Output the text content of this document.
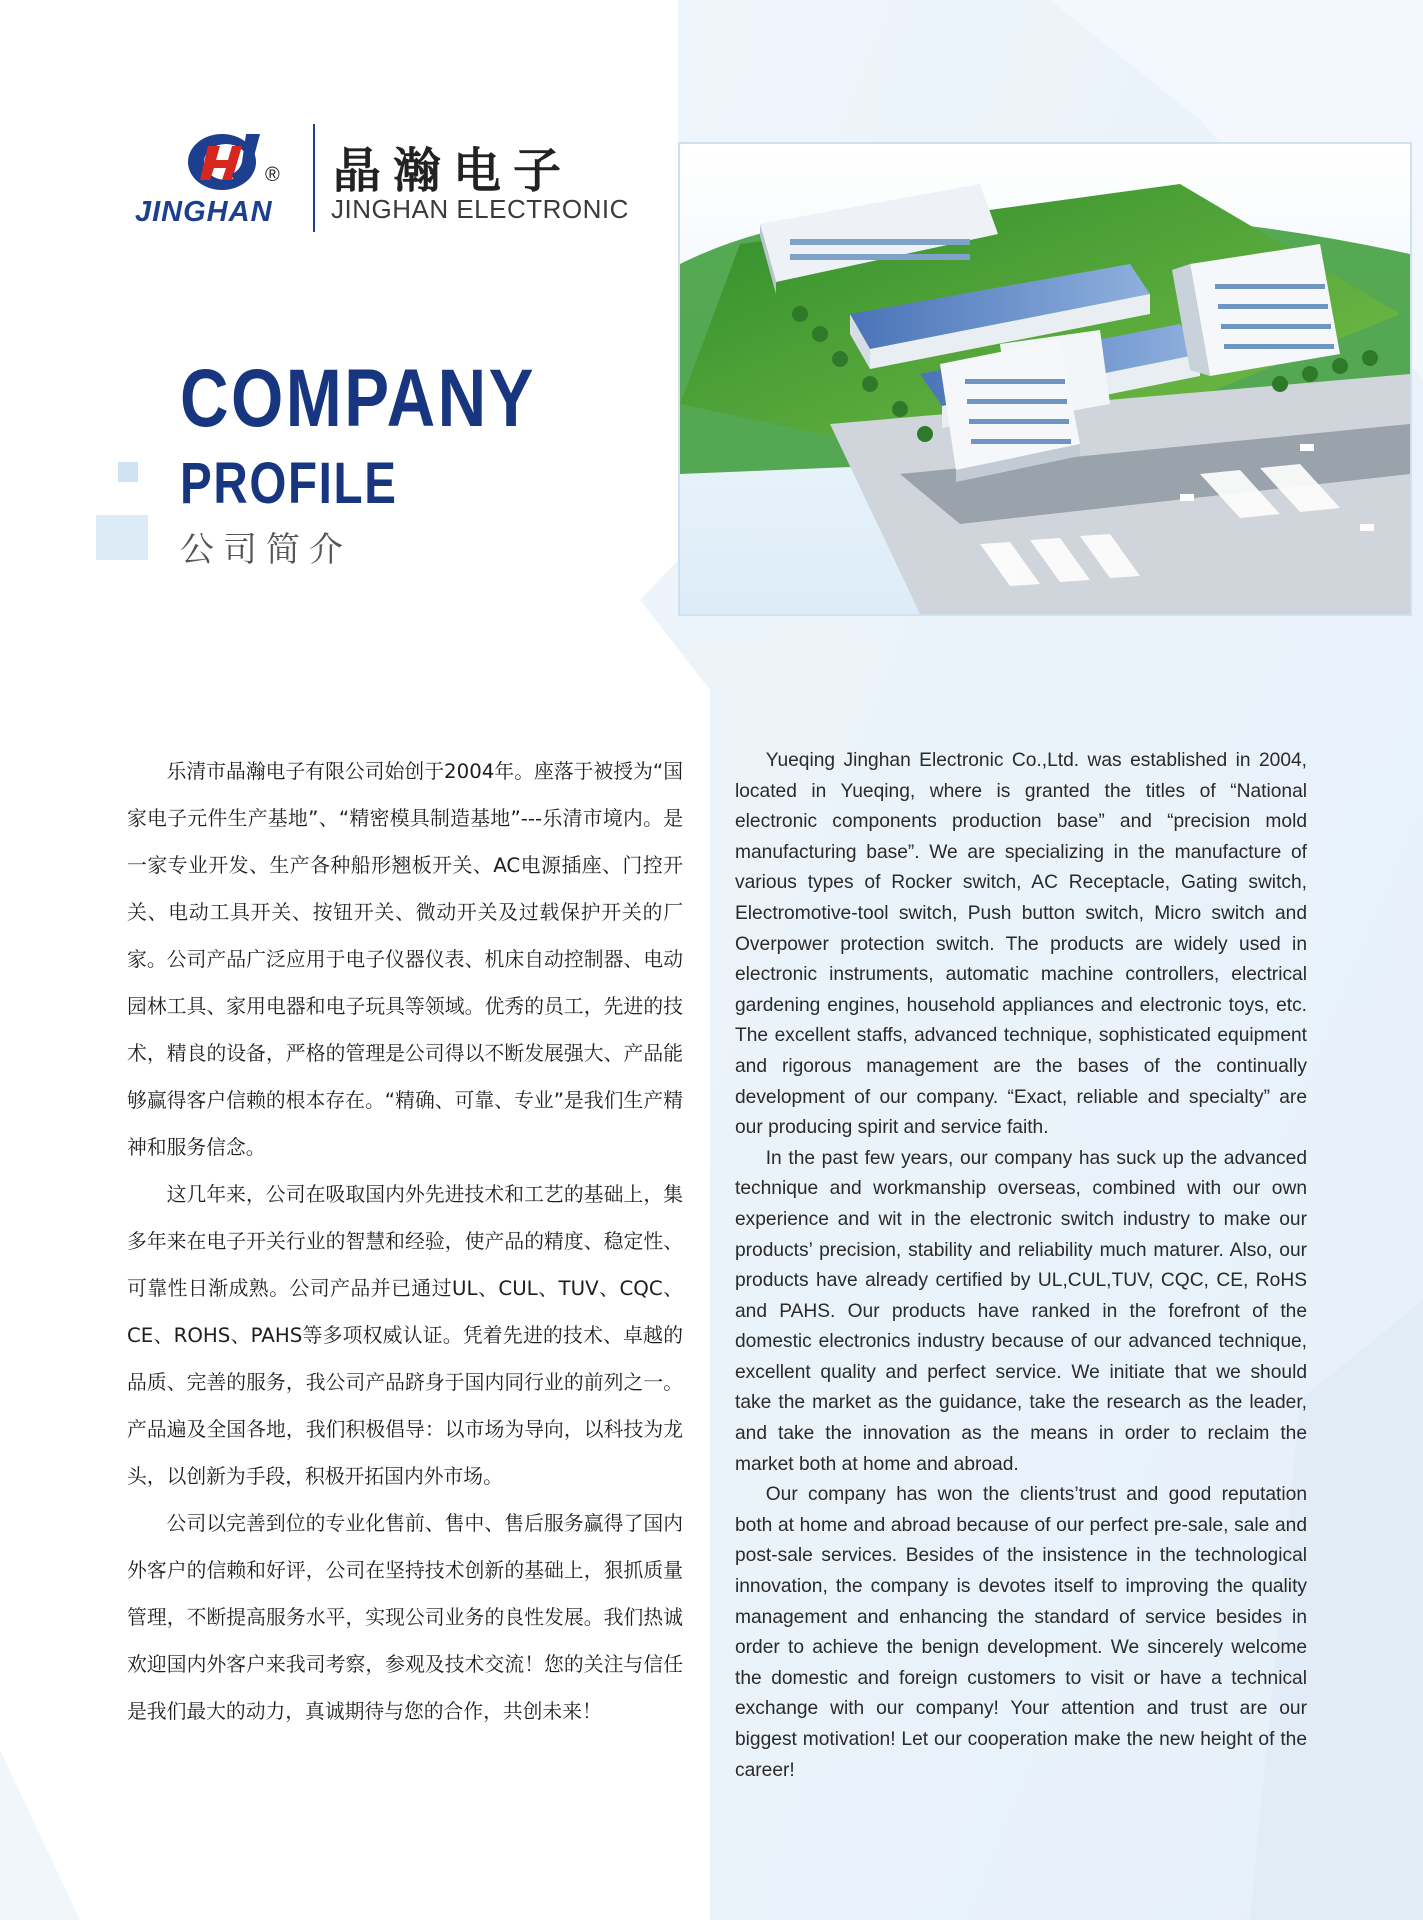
®
JINGHAN
晶瀚电子
JINGHAN ELECTRONIC
COMPANY
PROFILE
公司简介

乐清市晶瀚电子有限公司始创于2004年。座落于被授为“国家电子元件生产基地”、“精密模具制造基地”---乐清市境内。是一家专业开发、生产各种船形翘板开关、AC电源插座、门控开关、电动工具开关、按钮开关、微动开关及过载保护开关的厂家。公司产品广泛应用于电子仪器仪表、机床自动控制器、电动园林工具、家用电器和电子玩具等领域。优秀的员工，先进的技术，精良的设备，严格的管理是公司得以不断发展强大、产品能够赢得客户信赖的根本存在。“精确、可靠、专业”是我们生产精神和服务信念。

这几年来，公司在吸取国内外先进技术和工艺的基础上，集多年来在电子开关行业的智慧和经验，使产品的精度、稳定性、可靠性日渐成熟。公司产品并已通过UL、CUL、TUV、CQC、CE、ROHS、PAHS等多项权威认证。凭着先进的技术、卓越的品质、完善的服务，我公司产品跻身于国内同行业的前列之一。产品遍及全国各地，我们积极倡导：以市场为导向，以科技为龙头，以创新为手段，积极开拓国内外市场。

公司以完善到位的专业化售前、售中、售后服务赢得了国内外客户的信赖和好评，公司在坚持技术创新的基础上，狠抓质量管理，不断提高服务水平，实现公司业务的良性发展。我们热诚欢迎国内外客户来我司考察，参观及技术交流！您的关注与信任是我们最大的动力，真诚期待与您的合作，共创未来！

Yueqing Jinghan Electronic Co.,Ltd. was established in 2004, located in Yueqing, where is granted the titles of “National electronic components production base” and “precision mold manufacturing base”. We are specializing in the manufacture of various types of Rocker switch, AC Receptacle, Gating switch, Electromotive-tool switch, Push button switch, Micro switch and Overpower protection switch. The products are widely used in electronic instruments, automatic machine controllers, electrical gardening engines, household appliances and electronic toys, etc. The excellent staffs, advanced technique, sophisticated equipment and rigorous management are the bases of the continually development of our company. “Exact, reliable and specialty” are our producing spirit and service faith.

In the past few years, our company has suck up the advanced technique and workmanship overseas, combined with our own experience and wit in the electronic switch industry to make our products’ precision, stability and reliability much maturer. Also, our products have already certified by UL,CUL,TUV, CQC, CE, RoHS and PAHS. Our products have ranked in the forefront of the domestic electronics industry because of our advanced technique, excellent quality and perfect service. We initiate that we should take the market as the guidance, take the research as the leader, and take the innovation as the means in order to reclaim the market both at home and abroad.

Our company has won the clients’trust and good reputation both at home and abroad because of our perfect pre-sale, sale and post-sale services. Besides of the insistence in the technological innovation, the company is devotes itself to improving the quality management and enhancing the standard of service besides in order to achieve the benign development. We sincerely welcome the domestic and foreign customers to visit or have a technical exchange with our company! Your attention and trust are our biggest motivation! Let our cooperation make the new height of the career!
